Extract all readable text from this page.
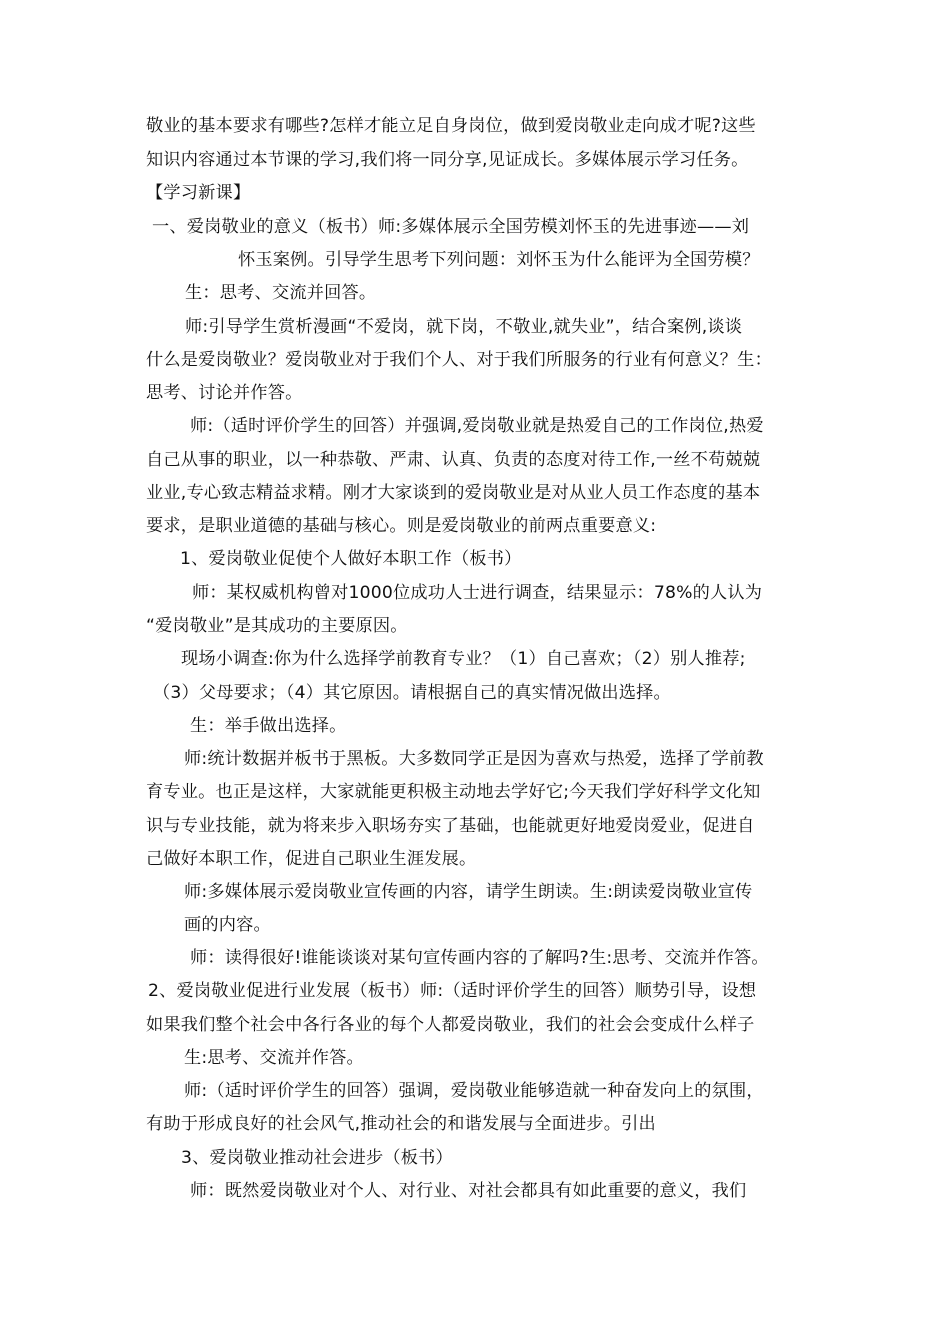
敬业的基本要求有哪些?怎样才能立足自身岗位，做到爱岗敬业走向成才呢?这些
知识内容通过本节课的学习,我们将一同分享,见证成长。多媒体展示学习任务。
【学习新课】
一、爱岗敬业的意义（板书）师:多媒体展示全国劳模刘怀玉的先进事迹——刘
怀玉案例。引导学生思考下列问题：刘怀玉为什么能评为全国劳模？
生：思考、交流并回答。
师:引导学生赏析漫画“不爱岗，就下岗，不敬业,就失业”，结合案例,谈谈
什么是爱岗敬业？爱岗敬业对于我们个人、对于我们所服务的行业有何意义？生：
思考、讨论并作答。
师:（适时评价学生的回答）并强调,爱岗敬业就是热爱自己的工作岗位,热爱
自己从事的职业，以一种恭敬、严肃、认真、负责的态度对待工作,一丝不苟兢兢
业业,专心致志精益求精。刚才大家谈到的爱岗敬业是对从业人员工作态度的基本
要求，是职业道德的基础与核心。则是爱岗敬业的前两点重要意义:
1、爱岗敬业促使个人做好本职工作（板书）
师：某权威机构曾对1000位成功人士进行调查，结果显示：78%的人认为
“爱岗敬业”是其成功的主要原因。
现场小调查:你为什么选择学前教育专业？（1）自己喜欢；（2）别人推荐;
（3）父母要求；（4）其它原因。请根据自己的真实情况做出选择。
生：举手做出选择。
师:统计数据并板书于黑板。大多数同学正是因为喜欢与热爱，选择了学前教
育专业。也正是这样，大家就能更积极主动地去学好它;今天我们学好科学文化知
识与专业技能，就为将来步入职场夯实了基础，也能就更好地爱岗爱业，促进自
己做好本职工作，促进自己职业生涯发展。
师:多媒体展示爱岗敬业宣传画的内容，请学生朗读。生:朗读爱岗敬业宣传
画的内容。
师：读得很好!谁能谈谈对某句宣传画内容的了解吗?生:思考、交流并作答。
2、爱岗敬业促进行业发展（板书）师:（适时评价学生的回答）顺势引导，设想
如果我们整个社会中各行各业的每个人都爱岗敬业，我们的社会会变成什么样子
生:思考、交流并作答。
师:（适时评价学生的回答）强调，爱岗敬业能够造就一种奋发向上的氛围，
有助于形成良好的社会风气,推动社会的和谐发展与全面进步。引出
3、爱岗敬业推动社会进步（板书）
师：既然爱岗敬业对个人、对行业、对社会都具有如此重要的意义，我们
